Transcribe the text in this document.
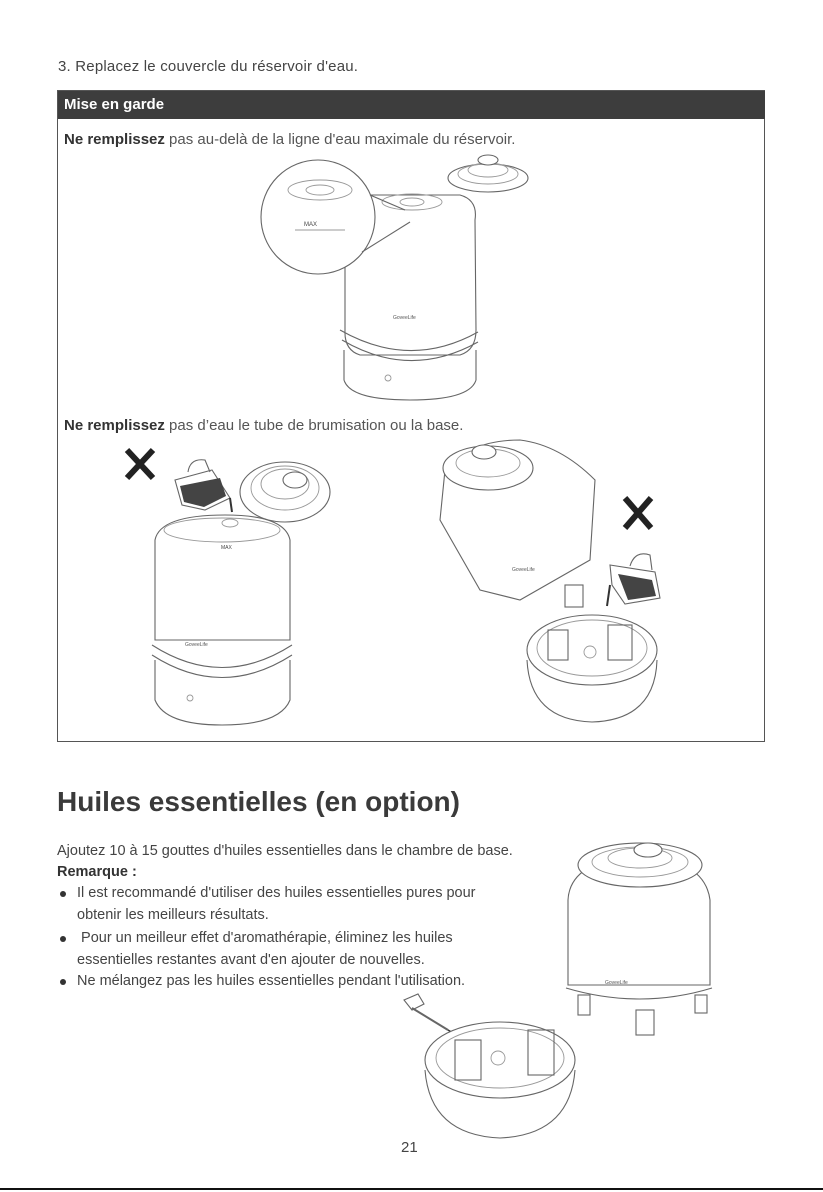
3. Replacez le couvercle du réservoir d'eau.
Mise en garde
Ne remplissez pas au-delà de la ligne d'eau maximale du réservoir.
Ne remplissez pas d’eau le tube de brumisation ou la base.
MAX
GoveeLife
MAX
GoveeLife
GoveeLife
Huiles essentielles (en option)
Ajoutez 10 à 15 gouttes d'huiles essentielles dans le chambre de base.
Remarque :
Il est recommandé d'utiliser des huiles essentielles pures pour
obtenir les meilleurs résultats.
Pour un meilleur effet d'aromathérapie, éliminez les huiles
essentielles restantes avant d'en ajouter de nouvelles.
Ne mélangez pas les huiles essentielles pendant l'utilisation.	GoveeLife
21
